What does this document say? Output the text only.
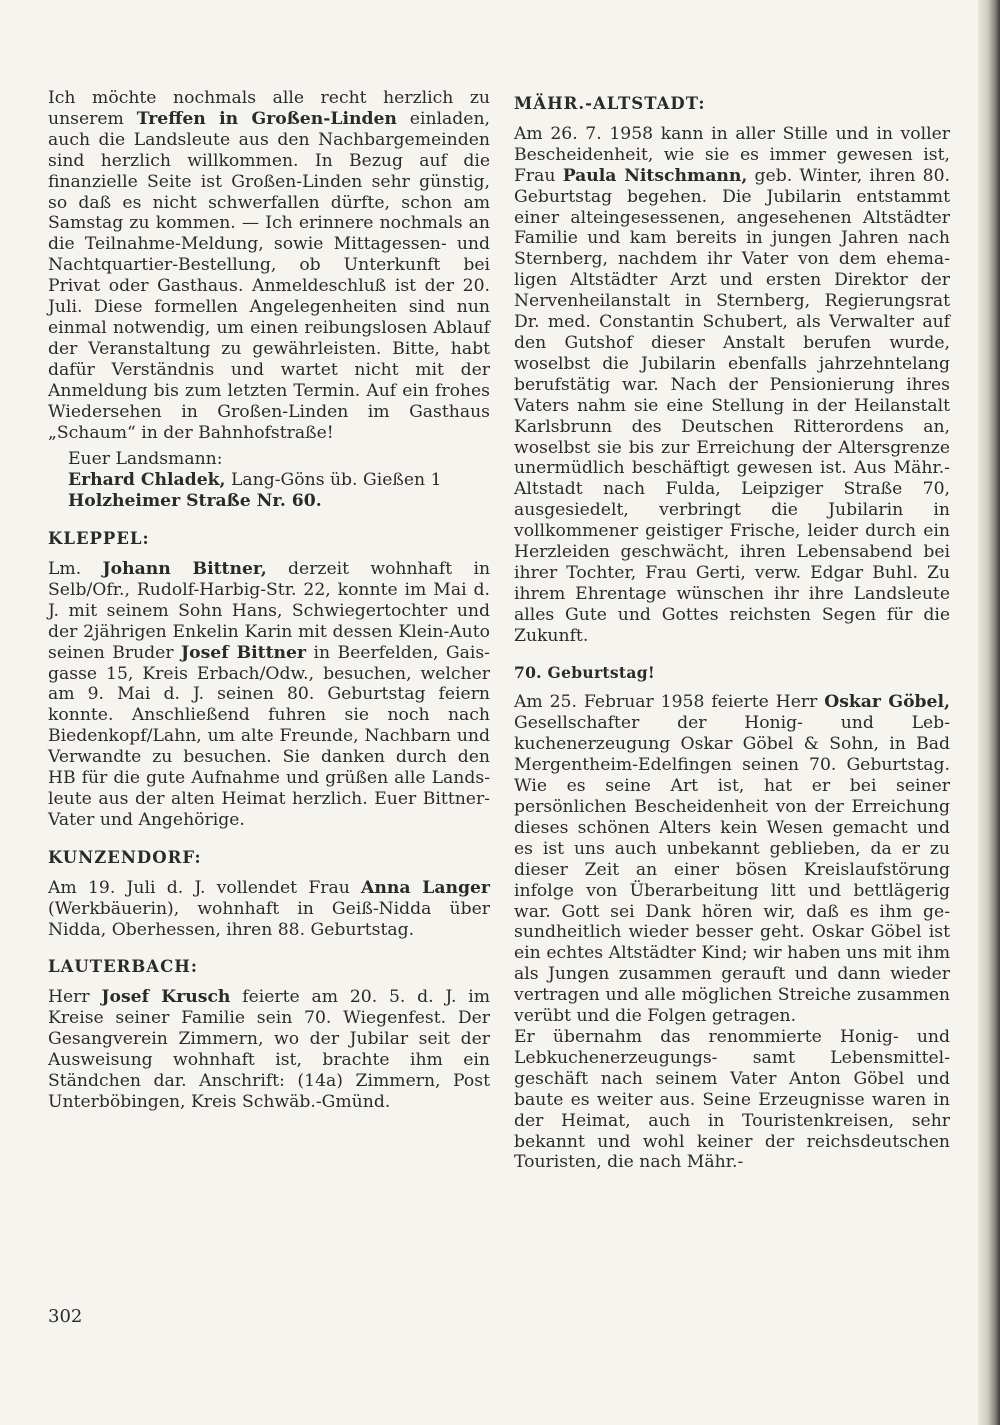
Ich möchte nochmals alle recht herzlich zu unserem Treffen in Großen-Linden einladen, auch die Landsleute aus den Nachbargemeinden sind herzlich willkommen. In Bezug auf die finanzielle Seite ist Großen-Linden sehr günstig, so daß es nicht schwerfallen dürfte, schon am Samstag zu kommen. — Ich erinnere nochmals an die Teilnahme-Meldung, sowie Mittagessen- und Nachtquartier-Bestellung, ob Unterkunft bei Privat oder Gasthaus. Anmeldeschluß ist der 20. Juli. Diese formellen Angelegenheiten sind nun einmal notwendig, um einen reibungslosen Ablauf der Veranstaltung zu gewährleisten. Bitte, habt dafür Verständnis und wartet nicht mit der Anmeldung bis zum letzten Termin. Auf ein frohes Wiedersehen in Großen-Linden im Gasthaus „Schaum“ in der Bahnhofstraße!

Euer Landsmann:

Erhard Chladek, Lang-Göns üb. Gießen 1

Holzheimer Straße Nr. 60.

KLEPPEL:

Lm. Johann Bittner, derzeit wohnhaft in Selb/Ofr., Rudolf-Harbig-Str. 22, konnte im Mai d. J. mit seinem Sohn Hans, Schwiegertochter und der 2jährigen Enkelin Karin mit dessen Klein-Auto seinen Bruder Josef Bittner in Beerfelden, Gaisgasse 15, Kreis Erbach/Odw., besuchen, welcher am 9. Mai d. J. seinen 80. Geburtstag feiern konnte. Anschließend fuhren sie noch nach Biedenkopf/Lahn, um alte Freunde, Nachbarn und Verwandte zu besuchen. Sie danken durch den HB für die gute Aufnahme und grüßen alle Landsleute aus der alten Heimat herzlich. Euer Bittner-Vater und Angehörige.

KUNZENDORF:

Am 19. Juli d. J. vollendet Frau Anna Langer (Werkbäuerin), wohnhaft in Geiß-Nidda über Nidda, Oberhessen, ihren 88. Geburtstag.

LAUTERBACH:

Herr Josef Krusch feierte am 20. 5. d. J. im Kreise seiner Familie sein 70. Wiegenfest. Der Gesangverein Zimmern, wo der Jubilar seit der Ausweisung wohnhaft ist, brachte ihm ein Ständchen dar. Anschrift: (14a) Zimmern, Post Unterböbingen, Kreis Schwäb.-Gmünd.

MÄHR.-ALTSTADT:

Am 26. 7. 1958 kann in aller Stille und in voller Bescheidenheit, wie sie es immer gewesen ist, Frau Paula Nitschmann, geb. Winter, ihren 80. Geburtstag begehen. Die Jubilarin entstammt einer alteingesessenen, angesehenen Altstädter Familie und kam bereits in jungen Jahren nach Sternberg, nachdem ihr Vater von dem ehemaligen Altstädter Arzt und ersten Direktor der Nervenheilanstalt in Sternberg, Regierungsrat Dr. med. Constantin Schubert, als Verwalter auf den Gutshof dieser Anstalt berufen wurde, woselbst die Jubilarin ebenfalls jahrzehntelang berufstätig war. Nach der Pensionierung ihres Vaters nahm sie eine Stellung in der Heilanstalt Karlsbrunn des Deutschen Ritterordens an, woselbst sie bis zur Erreichung der Altersgrenze unermüdlich beschäftigt gewesen ist. Aus Mähr.-Altstadt nach Fulda, Leipziger Straße 70, ausgesiedelt, verbringt die Jubilarin in vollkommener geistiger Frische, leider durch ein Herzleiden geschwächt, ihren Lebensabend bei ihrer Tochter, Frau Gerti, verw. Edgar Buhl. Zu ihrem Ehrentage wünschen ihr ihre Landsleute alles Gute und Gottes reichsten Segen für die Zukunft.

70. Geburtstag!

Am 25. Februar 1958 feierte Herr Oskar Göbel, Gesellschafter der Honig- und Lebkuchenerzeugung Oskar Göbel & Sohn, in Bad Mergentheim-Edelfingen seinen 70. Geburtstag. Wie es seine Art ist, hat er bei seiner persönlichen Bescheidenheit von der Erreichung dieses schönen Alters kein Wesen gemacht und es ist uns auch unbekannt geblieben, da er zu dieser Zeit an einer bösen Kreislaufstörung infolge von Überarbeitung litt und bettlägerig war. Gott sei Dank hören wir, daß es ihm gesundheitlich wieder besser geht. Oskar Göbel ist ein echtes Altstädter Kind; wir haben uns mit ihm als Jungen zusammen gerauft und dann wieder vertragen und alle möglichen Streiche zusammen verübt und die Folgen getragen.

Er übernahm das renommierte Honig- und Lebkuchenerzeugungs- samt Lebensmittelgeschäft nach seinem Vater Anton Göbel und baute es weiter aus. Seine Erzeugnisse waren in der Heimat, auch in Touristenkreisen, sehr bekannt und wohl keiner der reichsdeutschen Touristen, die nach Mähr.-

302
